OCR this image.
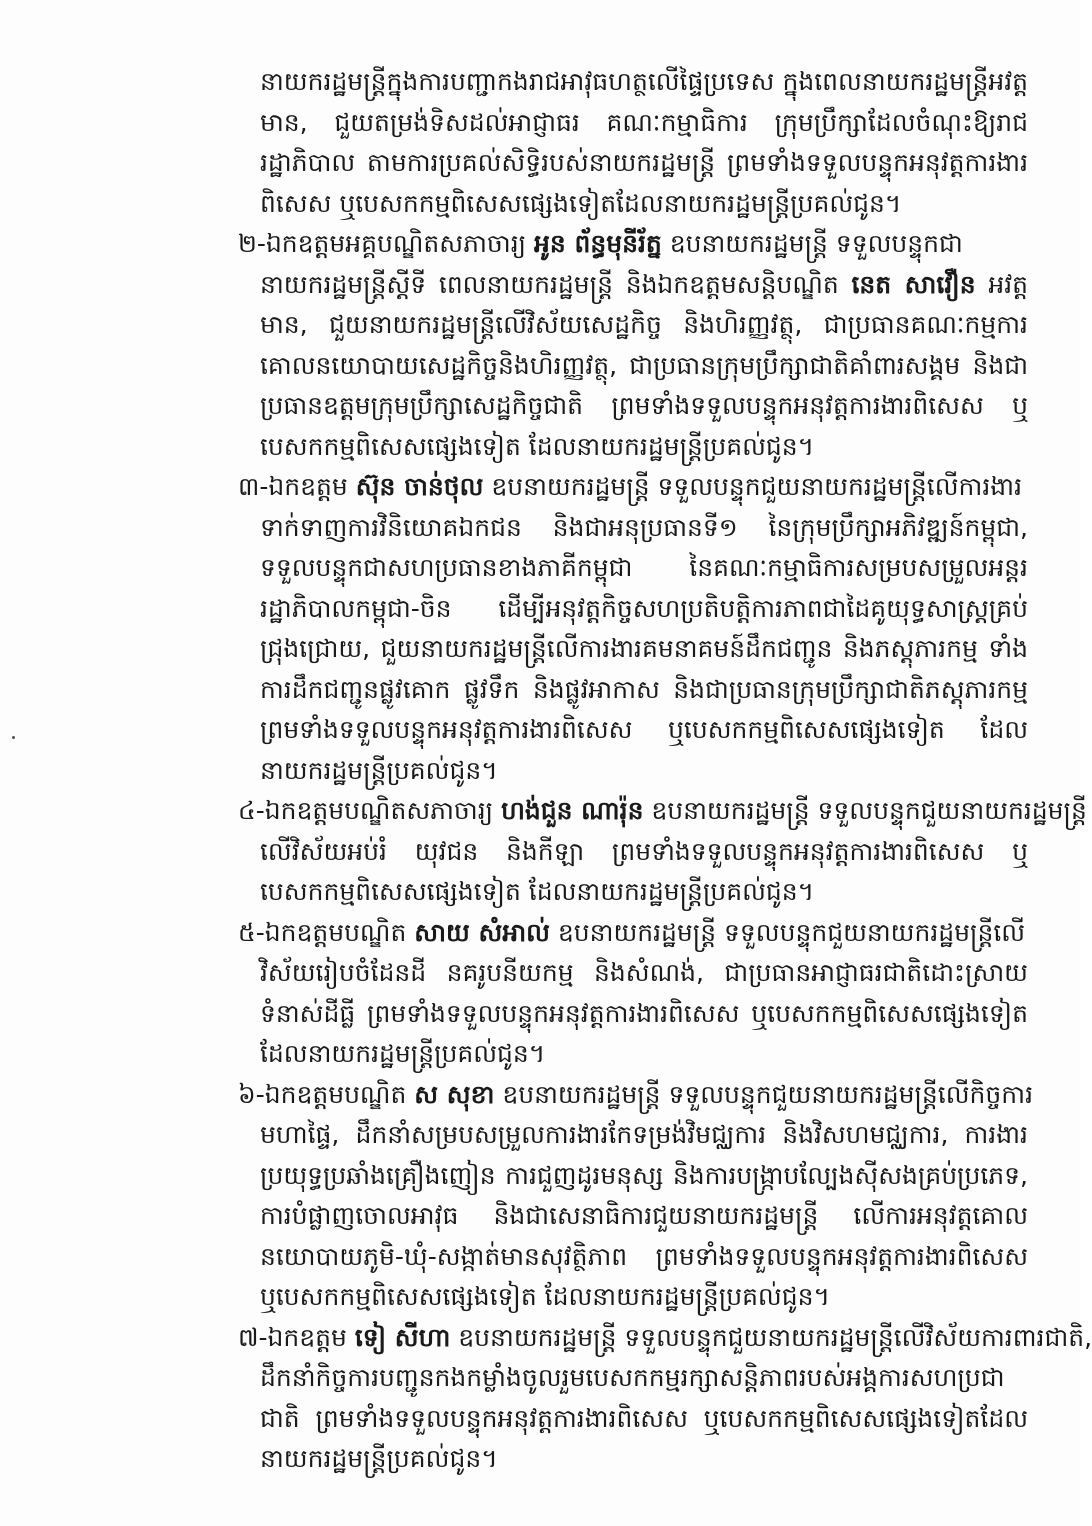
នាយករដ្ឋមន្ត្រីក្នុងការបញ្ជាកងរាជអាវុធហត្ថលើផ្ទៃប្រទេស ក្នុងពេលនាយករដ្ឋមន្ត្រីអវត្តមាន, ជួយតម្រង់ទិសដល់អាជ្ញាធរ គណៈកម្មាធិការ ក្រុមប្រឹក្សាដែលចំណុះឱ្យរាជរដ្ឋាភិបាល តាមការប្រគល់សិទ្ធិរបស់នាយករដ្ឋមន្ត្រី ព្រមទាំងទទួលបន្ទុកអនុវត្តការងារពិសេស ឬបេសកកម្មពិសេសផ្សេងទៀតដែលនាយករដ្ឋមន្ត្រីប្រគល់ជូន។

២-ឯកឧត្តមអគ្គបណ្ឌិតសភាចារ្យ អូន ព័ន្ធមុនីរ័ត្ន ឧបនាយករដ្ឋមន្ត្រី ទទួលបន្ទុកជា

នាយករដ្ឋមន្ត្រីស្តីទី ពេលនាយករដ្ឋមន្ត្រី និងឯកឧត្តមសន្តិបណ្ឌិត នេត សាវឿន អវត្តមាន, ជួយនាយករដ្ឋមន្ត្រីលើវិស័យសេដ្ឋកិច្ច និងហិរញ្ញវត្ថុ, ជាប្រធានគណៈកម្មការគោលនយោបាយសេដ្ឋកិច្ចនិងហិរញ្ញវត្ថុ, ជាប្រធានក្រុមប្រឹក្សាជាតិគាំពារសង្គម និងជាប្រធានឧត្តមក្រុមប្រឹក្សាសេដ្ឋកិច្ចជាតិ ព្រមទាំងទទួលបន្ទុកអនុវត្តការងារពិសេស ឬបេសកកម្មពិសេសផ្សេងទៀត ដែលនាយករដ្ឋមន្ត្រីប្រគល់ជូន។

៣-ឯកឧត្តម ស៊ុន ចាន់ថុល ឧបនាយករដ្ឋមន្ត្រី ទទួលបន្ទុកជួយនាយករដ្ឋមន្ត្រីលើការងារ

ទាក់ទាញការវិនិយោគឯកជន និងជាអនុប្រធានទី១ នៃក្រុមប្រឹក្សាអភិវឌ្ឍន៍កម្ពុជា, ទទួលបន្ទុកជាសហប្រធានខាងភាគីកម្ពុជា នៃគណៈកម្មាធិការសម្របសម្រួលអន្តររដ្ឋាភិបាលកម្ពុជា-ចិន ដើម្បីអនុវត្តកិច្ចសហប្រតិបត្តិការភាពជាដៃគូយុទ្ធសាស្ត្រគ្រប់ជ្រុងជ្រោយ, ជួយនាយករដ្ឋមន្ត្រីលើការងារគមនាគមន៍ដឹកជញ្ជូន និងភស្តុភារកម្ម ទាំងការដឹកជញ្ជូនផ្លូវគោក ផ្លូវទឹក និងផ្លូវអាកាស និងជាប្រធានក្រុមប្រឹក្សាជាតិភស្តុភារកម្ម ព្រមទាំងទទួលបន្ទុកអនុវត្តការងារពិសេស ឬបេសកកម្មពិសេសផ្សេងទៀត ដែលនាយករដ្ឋមន្ត្រីប្រគល់ជូន។

៤-ឯកឧត្តមបណ្ឌិតសភាចារ្យ ហង់ជួន ណារ៉ុន ឧបនាយករដ្ឋមន្ត្រី ទទួលបន្ទុកជួយនាយករដ្ឋមន្ត្រី

លើវិស័យអប់រំ យុវជន និងកីឡា ព្រមទាំងទទួលបន្ទុកអនុវត្តការងារពិសេស ឬបេសកកម្មពិសេសផ្សេងទៀត ដែលនាយករដ្ឋមន្ត្រីប្រគល់ជូន។

៥-ឯកឧត្តមបណ្ឌិត សាយ សំអាល់ ឧបនាយករដ្ឋមន្ត្រី ទទួលបន្ទុកជួយនាយករដ្ឋមន្ត្រីលើ

វិស័យរៀបចំដែនដី នគរូបនីយកម្ម និងសំណង់, ជាប្រធានអាជ្ញាធរជាតិដោះស្រាយទំនាស់ដីធ្លី ព្រមទាំងទទួលបន្ទុកអនុវត្តការងារពិសេស ឬបេសកកម្មពិសេសផ្សេងទៀត ដែលនាយករដ្ឋមន្ត្រីប្រគល់ជូន។

៦-ឯកឧត្តមបណ្ឌិត ស សុខា ឧបនាយករដ្ឋមន្ត្រី ទទួលបន្ទុកជួយនាយករដ្ឋមន្ត្រីលើកិច្ចការ

មហាផ្ទៃ, ដឹកនាំសម្របសម្រួលការងារកែទម្រង់វិមជ្ឈការ និងវិសហមជ្ឈការ, ការងារប្រយុទ្ធប្រឆាំងគ្រឿងញៀន ការជួញដូរមនុស្ស និងការបង្ក្រាបល្បែងស៊ីសងគ្រប់ប្រភេទ, ការបំផ្លាញចោលអាវុធ និងជាសេនាធិការជួយនាយករដ្ឋមន្ត្រី លើការអនុវត្តគោលនយោបាយភូមិ-ឃុំ-សង្កាត់មានសុវត្ថិភាព ព្រមទាំងទទួលបន្ទុកអនុវត្តការងារពិសេស ឬបេសកកម្មពិសេសផ្សេងទៀត ដែលនាយករដ្ឋមន្ត្រីប្រគល់ជូន។

៧-ឯកឧត្តម ទៀ សីហា ឧបនាយករដ្ឋមន្ត្រី ទទួលបន្ទុកជួយនាយករដ្ឋមន្ត្រីលើវិស័យការពារជាតិ,

ដឹកនាំកិច្ចការបញ្ជូនកងកម្លាំងចូលរួមបេសកកម្មរក្សាសន្តិភាពរបស់អង្គការសហប្រជាជាតិ ព្រមទាំងទទួលបន្ទុកអនុវត្តការងារពិសេស ឬបេសកកម្មពិសេសផ្សេងទៀតដែលនាយករដ្ឋមន្ត្រីប្រគល់ជូន។
